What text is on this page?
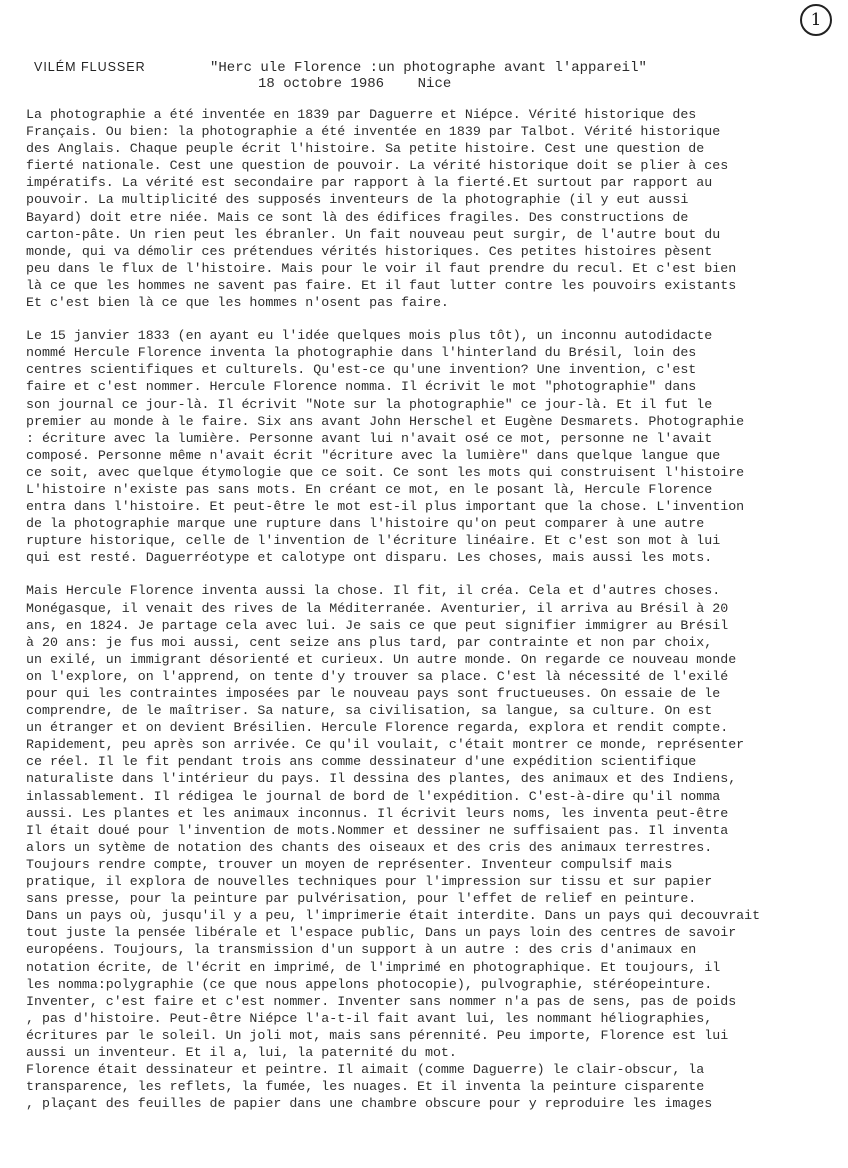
1
VILÉM FLUSSER	"Herc ule Florence :un photographe avant l'appareil"
18 octobre 1986 Nice
La photographie a été inventée en 1839 par Daguerre et Niépce. Vérité historique des
Français. Ou bien: la photographie a été inventée en 1839 par Talbot. Vérité historique
des Anglais. Chaque peuple écrit l'histoire. Sa petite histoire. Cest une question de
fierté nationale. Cest une question de pouvoir. La vérité historique doit se plier à ces
impératifs. La vérité est secondaire par rapport à la fierté.Et surtout par rapport au
pouvoir. La multiplicité des supposés inventeurs de la photographie (il y eut aussi
Bayard) doit etre niée. Mais ce sont là des édifices fragiles. Des constructions de
carton-pâte. Un rien peut les ébranler. Un fait nouveau peut surgir, de l'autre bout du
monde, qui va démolir ces prétendues vérités historiques. Ces petites histoires pèsent
peu dans le flux de l'histoire. Mais pour le voir il faut prendre du recul. Et c'est bien
là ce que les hommes ne savent pas faire. Et il faut lutter contre les pouvoirs existants
Et c'est bien là ce que les hommes n'osent pas faire.
Le 15 janvier 1833 (en ayant eu l'idée quelques mois plus tôt), un inconnu autodidacte
nommé Hercule Florence inventa la photographie dans l'hinterland du Brésil, loin des
centres scientifiques et culturels. Qu'est-ce qu'une invention? Une invention, c'est
faire et c'est nommer. Hercule Florence nomma. Il écrivit le mot "photographie" dans
son journal ce jour-là. Il écrivit "Note sur la photographie" ce jour-là. Et il fut le
premier au monde à le faire. Six ans avant John Herschel et Eugène Desmarets. Photographie
: écriture avec la lumière. Personne avant lui n'avait osé ce mot, personne ne l'avait
composé. Personne même n'avait écrit "écriture avec la lumière" dans quelque langue que
ce soit, avec quelque étymologie que ce soit. Ce sont les mots qui construisent l'histoire
L'histoire n'existe pas sans mots. En créant ce mot, en le posant là, Hercule Florence
entra dans l'histoire. Et peut-être le mot est-il plus important que la chose. L'invention
de la photographie marque une rupture dans l'histoire qu'on peut comparer à une autre
rupture historique, celle de l'invention de l'écriture linéaire. Et c'est son mot à lui
qui est resté. Daguerréotype et calotype ont disparu. Les choses, mais aussi les mots.
Mais Hercule Florence inventa aussi la chose. Il fit, il créa. Cela et d'autres choses.
Monégasque, il venait des rives de la Méditerranée. Aventurier, il arriva au Brésil à 20
ans, en 1824. Je partage cela avec lui. Je sais ce que peut signifier immigrer au Brésil
à 20 ans: je fus moi aussi, cent seize ans plus tard, par contrainte et non par choix,
un exilé, un immigrant désorienté et curieux. Un autre monde. On regarde ce nouveau monde
on l'explore, on l'apprend, on tente d'y trouver sa place. C'est là nécessité de l'exilé
pour qui les contraintes imposées par le nouveau pays sont fructueuses. On essaie de le
comprendre, de le maîtriser. Sa nature, sa civilisation, sa langue, sa culture. On est
un étranger et on devient Brésilien. Hercule Florence regarda, explora et rendit compte.
Rapidement, peu après son arrivée. Ce qu'il voulait, c'était montrer ce monde, représenter
ce réel. Il le fit pendant trois ans comme dessinateur d'une expédition scientifique
naturaliste dans l'intérieur du pays. Il dessina des plantes, des animaux et des Indiens,
inlassablement. Il rédigea le journal de bord de l'expédition. C'est-à-dire qu'il nomma
aussi. Les plantes et les animaux inconnus. Il écrivit leurs noms, les inventa peut-être
Il était doué pour l'invention de mots.Nommer et dessiner ne suffisaient pas. Il inventa
alors un sytème de notation des chants des oiseaux et des cris des animaux terrestres.
Toujours rendre compte, trouver un moyen de représenter. Inventeur compulsif mais
pratique, il explora de nouvelles techniques pour l'impression sur tissu et sur papier
sans presse, pour la peinture par pulvérisation, pour l'effet de relief en peinture.
Dans un pays où, jusqu'il y a peu, l'imprimerie était interdite. Dans un pays qui decouvrait
tout juste la pensée libérale et l'espace public, Dans un pays loin des centres de savoir
européens. Toujours, la transmission d'un support à un autre : des cris d'animaux en
notation écrite, de l'écrit en imprimé, de l'imprimé en photographique. Et toujours, il
les nomma:polygraphie (ce que nous appelons photocopie), pulvographie, stéréopeinture.
Inventer, c'est faire et c'est nommer. Inventer sans nommer n'a pas de sens, pas de poids
, pas d'histoire. Peut-être Niépce l'a-t-il fait avant lui, les nommant héliographies,
écritures par le soleil. Un joli mot, mais sans pérennité. Peu importe, Florence est lui
aussi un inventeur. Et il a, lui, la paternité du mot.
Florence était dessinateur et peintre. Il aimait (comme Daguerre) le clair-obscur, la
transparence, les reflets, la fumée, les nuages. Et il inventa la peinture cisparente
, plaçant des feuilles de papier dans une chambre obscure pour y reproduire les images
